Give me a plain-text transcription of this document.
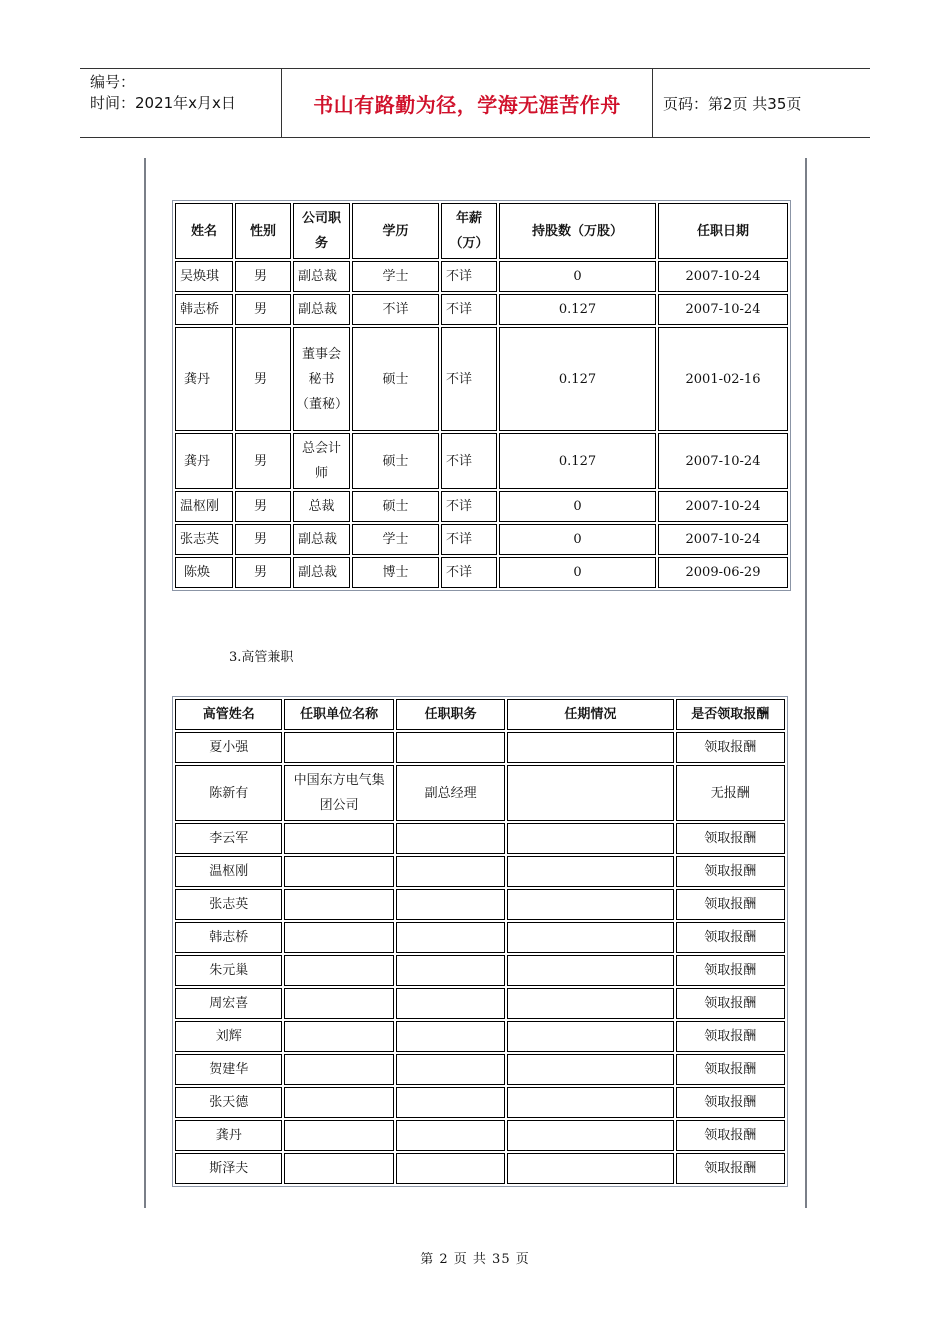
编号：
时间：2021年x月x日	书山有路勤为径，学海无涯苦作舟	页码：第2页 共35页
姓名	性别	公司职务	学历	年薪（万）	持股数（万股）	任职日期
吴焕琪	男	副总裁	学士	不详	0	2007-10-24
韩志桥	男	副总裁	不详	不详	0.127	2007-10-24
龚丹	男	董事会秘书（董秘）	硕士	不详	0.127	2001-02-16
龚丹	男	总会计师	硕士	不详	0.127	2007-10-24
温枢刚	男	总裁	硕士	不详	0	2007-10-24
张志英	男	副总裁	学士	不详	0	2007-10-24
陈焕	男	副总裁	博士	不详	0	2009-06-29
3.高管兼职
高管姓名	任职单位名称	任职职务	任期情况	是否领取报酬
夏小强				领取报酬
陈新有	中国东方电气集团公司	副总经理		无报酬
李云军				领取报酬
温枢刚				领取报酬
张志英				领取报酬
韩志桥				领取报酬
朱元巢				领取报酬
周宏喜				领取报酬
刘辉				领取报酬
贺建华				领取报酬
张天德				领取报酬
龚丹				领取报酬
斯泽夫				领取报酬
第 2 页 共 35 页
